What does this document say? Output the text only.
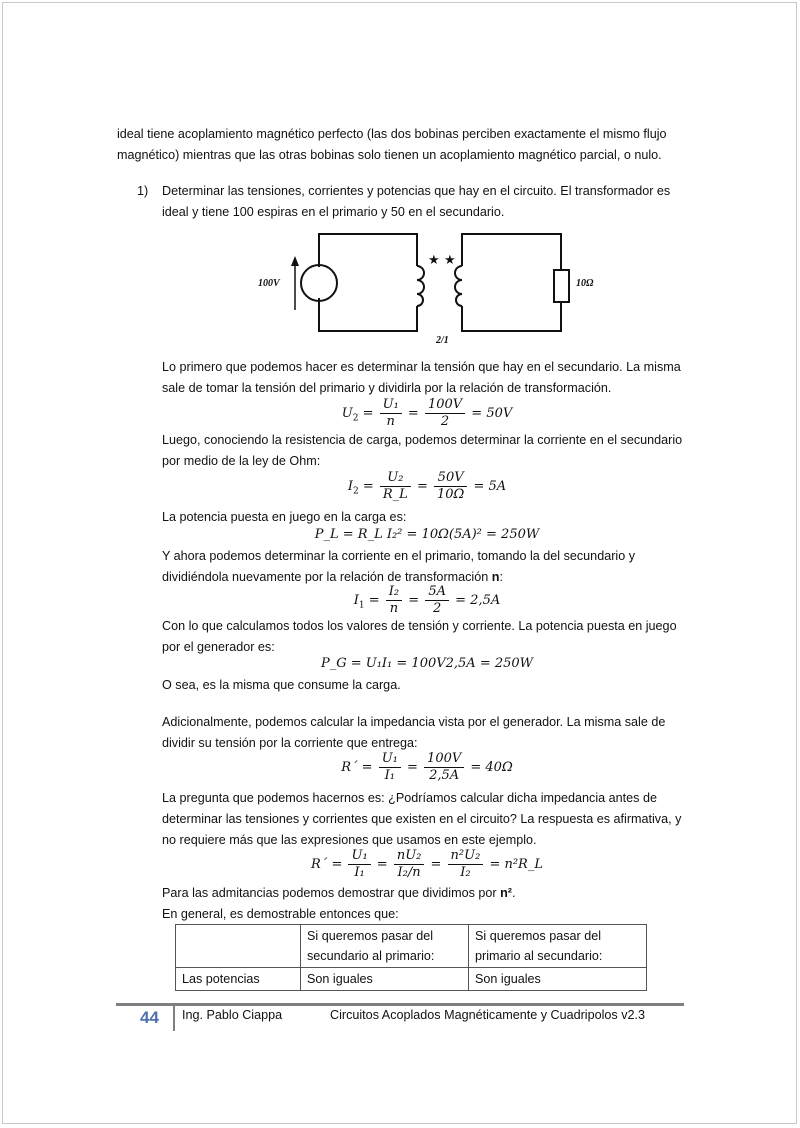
ideal tiene acoplamiento magnético perfecto (las dos bobinas perciben exactamente el mismo flujo

magnético) mientras que las otras bobinas solo tienen un acoplamiento magnético parcial, o nulo.

1) Determinar las tensiones, corrientes y potencias que hay en el circuito. El transformador es

ideal y tiene 100 espiras en el primario y 50 en el secundario.

★ ★
100V	10Ω
2/1

Lo primero que podemos hacer es determinar la tensión que hay en el secundario. La misma

sale de tomar la tensión del primario y dividirla por la relación de transformación.

$U_2 = \frac{\text{U₁}}{n} = \frac{100V}{2} = 50V$

Luego, conociendo la resistencia de carga, podemos determinar la corriente en el secundario

por medio de la ley de Ohm:

$I_2 = \frac{\text{U₂}}{R\_L} = \frac{50V}{10\Omega} = 5A$

La potencia puesta en juego en la carga es:

P_L = R_L I₂² = 10Ω(5A)² = 250W

Y ahora podemos determinar la corriente en el primario, tomando la del secundario y

dividiéndola nuevamente por la relación de transformación n:

$I_1 = \frac{\text{I₂}}{n} = \frac{5A}{2} = 2,5A$

Con lo que calculamos todos los valores de tensión y corriente. La potencia puesta en juego

por el generador es:

P_G = U₁I₁ = 100V2,5A = 250W

O sea, es la misma que consume la carga.

Adicionalmente, podemos calcular la impedancia vista por el generador. La misma sale de

dividir su tensión por la corriente que entrega:

R´ = $\frac{\text{U₁}}{\text{I₁}} = \frac{100V}{2,5A} = 40\Omega$

La pregunta que podemos hacernos es: ¿Podríamos calcular dicha impedancia antes de

determinar las tensiones y corrientes que existen en el circuito? La respuesta es afirmativa, y

no requiere más que las expresiones que usamos en este ejemplo.

R´ = $\frac{\text{U₁}}{\text{I₁}} = \frac{\text{nU₂}}{\text{I₂/n}} = \frac{\text{n²U₂}}{\text{I₂}}$ = n²R_L

Para las admitancias podemos demostrar que dividimos por n².

En general, es demostrable entonces que:

	Si queremos pasar del secundario al primario:	Si queremos pasar del primario al secundario:
Las potencias	Son iguales	Son iguales
44 Ing. Pablo Ciappa	Circuitos Acoplados Magnéticamente y Cuadripolos v2.3
